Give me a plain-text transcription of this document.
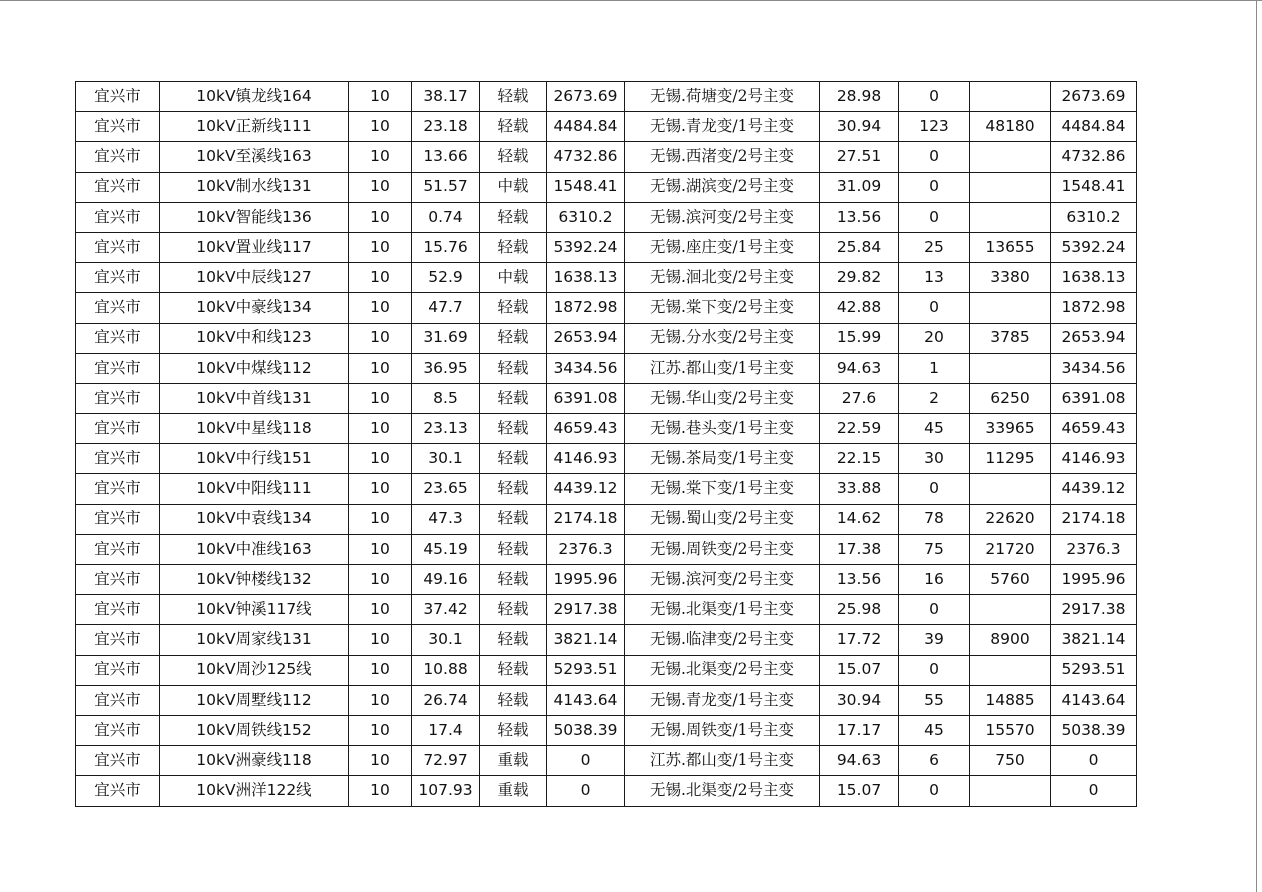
宜兴市	10kV镇龙线164	10	38.17	轻载	2673.69	无锡.荷塘变/2号主变	28.98	0		2673.69
宜兴市	10kV正新线111	10	23.18	轻载	4484.84	无锡.青龙变/1号主变	30.94	123	48180	4484.84
宜兴市	10kV至溪线163	10	13.66	轻载	4732.86	无锡.西渚变/2号主变	27.51	0		4732.86
宜兴市	10kV制水线131	10	51.57	中载	1548.41	无锡.湖滨变/2号主变	31.09	0		1548.41
宜兴市	10kV智能线136	10	0.74	轻载	6310.2	无锡.滨河变/2号主变	13.56	0		6310.2
宜兴市	10kV置业线117	10	15.76	轻载	5392.24	无锡.座庄变/1号主变	25.84	25	13655	5392.24
宜兴市	10kV中辰线127	10	52.9	中载	1638.13	无锡.洄北变/2号主变	29.82	13	3380	1638.13
宜兴市	10kV中豪线134	10	47.7	轻载	1872.98	无锡.棠下变/2号主变	42.88	0		1872.98
宜兴市	10kV中和线123	10	31.69	轻载	2653.94	无锡.分水变/2号主变	15.99	20	3785	2653.94
宜兴市	10kV中煤线112	10	36.95	轻载	3434.56	江苏.都山变/1号主变	94.63	1		3434.56
宜兴市	10kV中首线131	10	8.5	轻载	6391.08	无锡.华山变/2号主变	27.6	2	6250	6391.08
宜兴市	10kV中星线118	10	23.13	轻载	4659.43	无锡.巷头变/1号主变	22.59	45	33965	4659.43
宜兴市	10kV中行线151	10	30.1	轻载	4146.93	无锡.茶局变/1号主变	22.15	30	11295	4146.93
宜兴市	10kV中阳线111	10	23.65	轻载	4439.12	无锡.棠下变/1号主变	33.88	0		4439.12
宜兴市	10kV中袁线134	10	47.3	轻载	2174.18	无锡.蜀山变/2号主变	14.62	78	22620	2174.18
宜兴市	10kV中准线163	10	45.19	轻载	2376.3	无锡.周铁变/2号主变	17.38	75	21720	2376.3
宜兴市	10kV钟楼线132	10	49.16	轻载	1995.96	无锡.滨河变/2号主变	13.56	16	5760	1995.96
宜兴市	10kV钟溪117线	10	37.42	轻载	2917.38	无锡.北渠变/1号主变	25.98	0		2917.38
宜兴市	10kV周家线131	10	30.1	轻载	3821.14	无锡.临津变/2号主变	17.72	39	8900	3821.14
宜兴市	10kV周沙125线	10	10.88	轻载	5293.51	无锡.北渠变/2号主变	15.07	0		5293.51
宜兴市	10kV周墅线112	10	26.74	轻载	4143.64	无锡.青龙变/1号主变	30.94	55	14885	4143.64
宜兴市	10kV周铁线152	10	17.4	轻载	5038.39	无锡.周铁变/1号主变	17.17	45	15570	5038.39
宜兴市	10kV洲豪线118	10	72.97	重载	0	江苏.都山变/1号主变	94.63	6	750	0
宜兴市	10kV洲洋122线	10	107.93	重载	0	无锡.北渠变/2号主变	15.07	0		0
